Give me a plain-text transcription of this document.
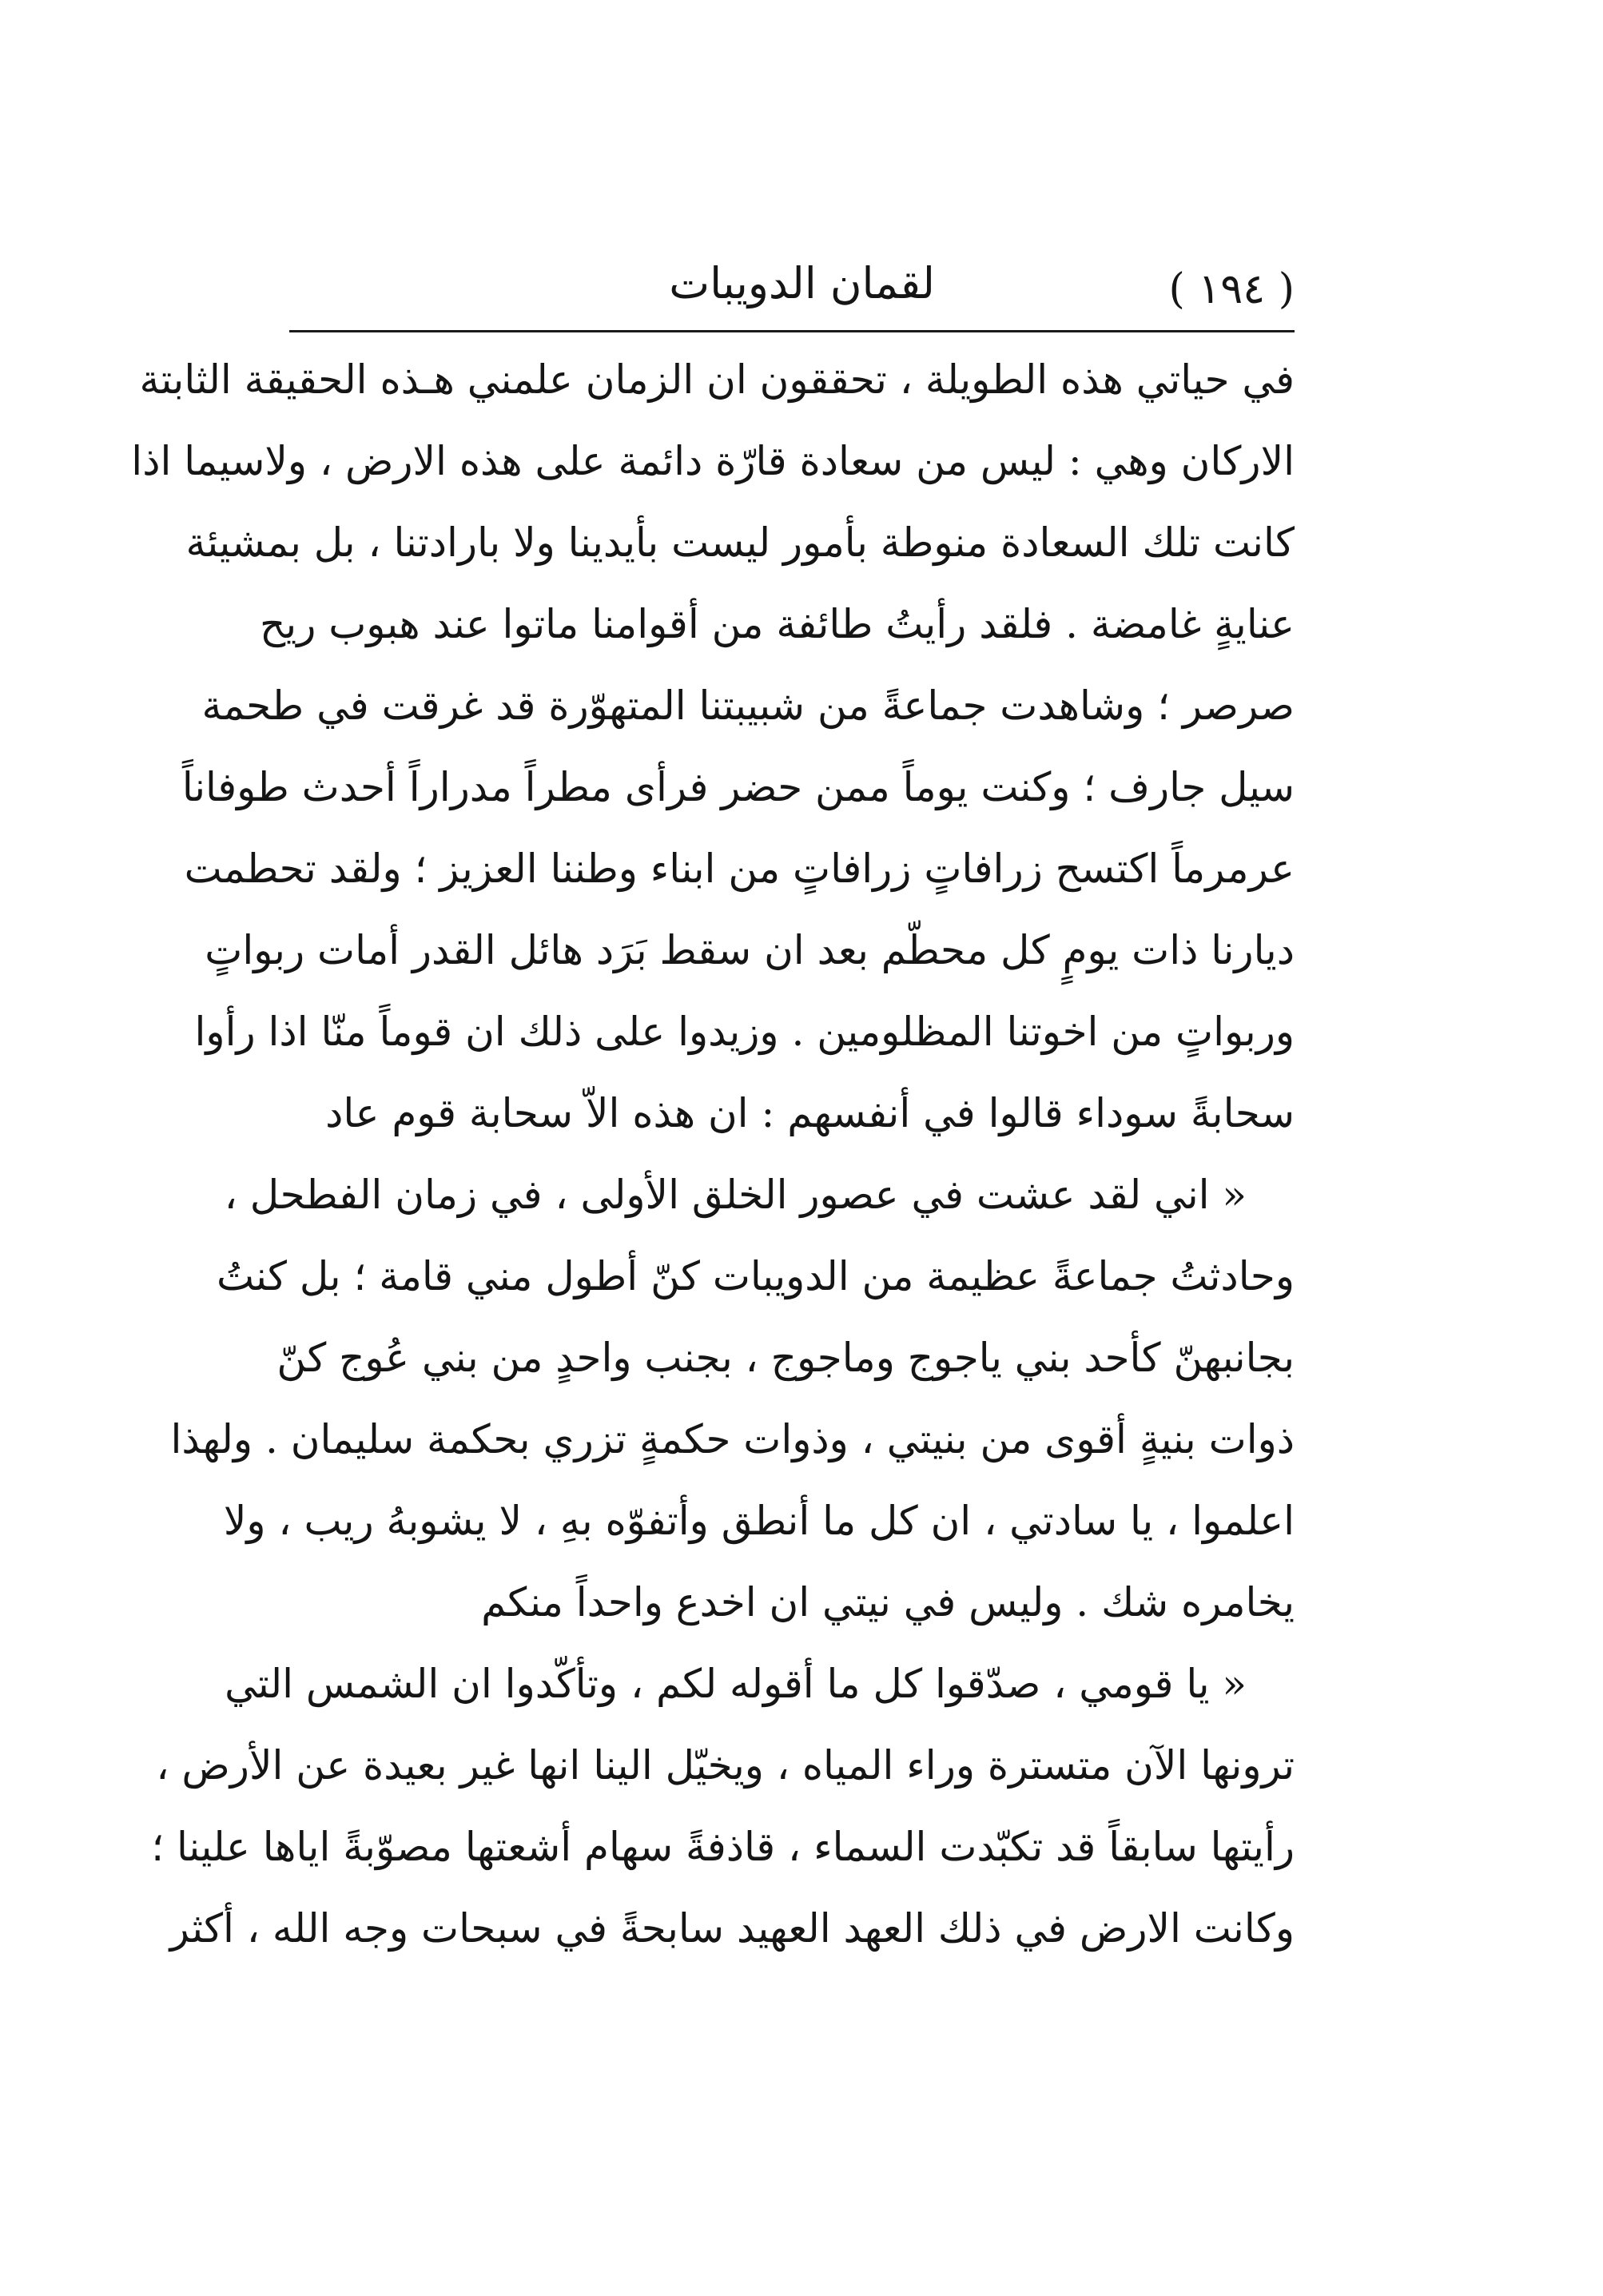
( ١٩٤ )
لقمان الدويبات
في حياتي هذه الطويلة ، تحققون ان الزمان علمني هـذه الحقيقة الثابتة
الاركان وهي : ليس من سعادة قارّة دائمة على هذه الارض ، ولاسيما اذا
كانت تلك السعادة منوطة بأمور ليست بأيدينا ولا بارادتنا ، بل بمشيئة
عنايةٍ غامضة . فلقد رأيتُ طائفة من أقوامنا ماتوا عند هبوب ريح
صرصر ؛ وشاهدت جماعةً من شبيبتنا المتهوّرة قد غرقت في طحمة
سيل جارف ؛ وكنت يوماً ممن حضر فرأى مطراً مدراراً أحدث طوفاناً
عرمرماً اكتسح زرافاتٍ زرافاتٍ من ابناء وطننا العزيز ؛ ولقد تحطمت
ديارنا ذات يومٍ كل محطّم بعد ان سقط بَرَد هائل القدر أمات ربواتٍ
وربواتٍ من اخوتنا المظلومين . وزيدوا على ذلك ان قوماً منّا اذا رأوا
سحابةً سوداء قالوا في أنفسهم : ان هذه الاّ سحابة قوم عاد
« اني لقد عشت في عصور الخلق الأولى ، في زمان الفطحل ،
وحادثتُ جماعةً عظيمة من الدويبات كنّ أطول مني قامة ؛ بل كنتُ
بجانبهنّ كأحد بني ياجوج وماجوج ، بجنب واحدٍ من بني عُوج كنّ
ذوات بنيةٍ أقوى من بنيتي ، وذوات حكمةٍ تزري بحكمة سليمان . ولهذا
اعلموا ، يا سادتي ، ان كل ما أنطق وأتفوّه بهِ ، لا يشوبهُ ريب ، ولا
يخامره شك . وليس في نيتي ان اخدع واحداً منكم
« يا قومي ، صدّقوا كل ما أقوله لكم ، وتأكّدوا ان الشمس التي
ترونها الآن متسترة وراء المياه ، ويخيّل الينا انها غير بعيدة عن الأرض ،
رأيتها سابقاً قد تكبّدت السماء ، قاذفةً سهام أشعتها مصوّبةً اياها علينا ؛
وكانت الارض في ذلك العهد العهيد سابحةً في سبحات وجه الله ، أكثر
